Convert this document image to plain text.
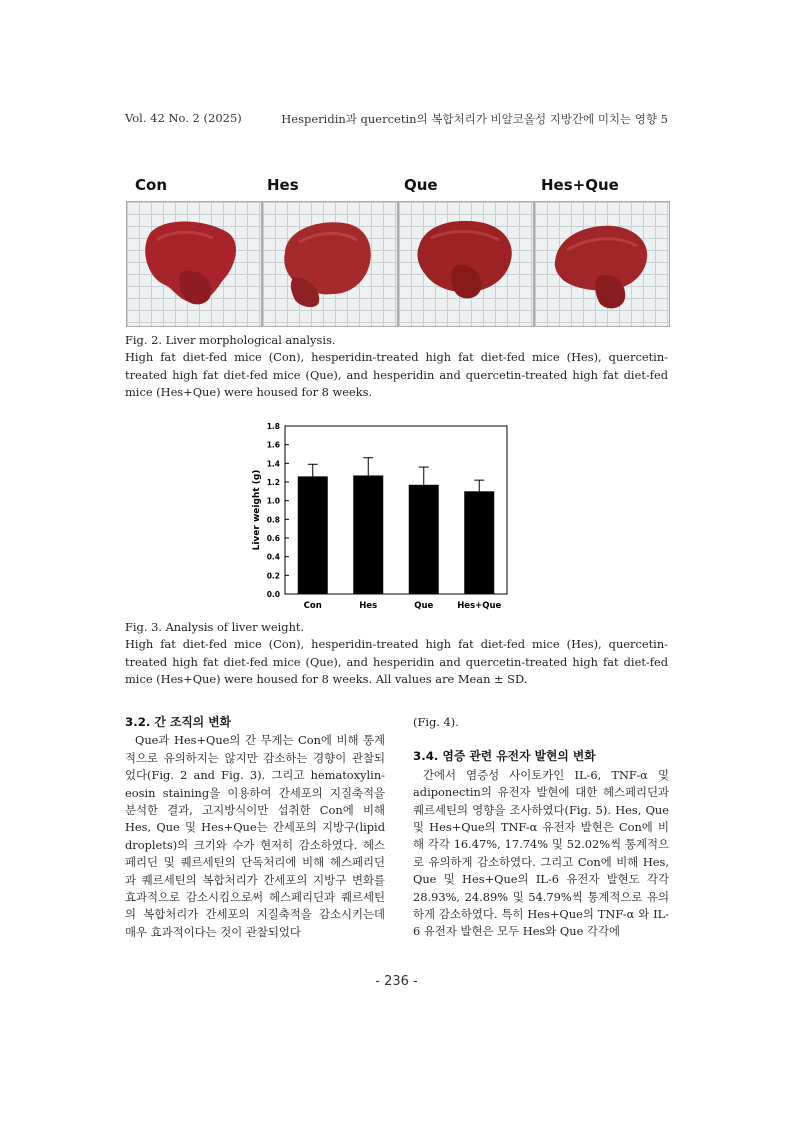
Vol. 42 No. 2 (2025)	Hesperidin과 quercetin의 복합처리가 비알코올성 지방간에 미치는 영향 5
Con	Hes	Que	Hes+Que

Fig. 2. Liver morphological analysis.

High fat diet-fed mice (Con), hesperidin-treated high fat diet-fed mice (Hes), quercetin-treated high fat diet-fed mice (Que), and hesperidin and quercetin-treated high fat diet-fed mice (Hes+Que) were housed for 8 weeks.

0.0
0.2
0.4
0.6
0.8
1.0
1.2
1.4
1.6
1.8
Liver weight (g)
Con	Hes	Que	Hes+Que

Fig. 3. Analysis of liver weight.

High fat diet-fed mice (Con), hesperidin-treated high fat diet-fed mice (Hes), quercetin-treated high fat diet-fed mice (Que), and hesperidin and quercetin-treated high fat diet-fed mice (Hes+Que) were housed for 8 weeks. All values are Mean ± SD.

3.2. 간 조직의 변화

Que과 Hes+Que의 간 무게는 Con에 비해 통계적으로 유의하지는 않지만 감소하는 경향이 관찰되었다(Fig. 2 and Fig. 3). 그리고 hematoxylin-eosin staining을 이용하여 간세포의 지질축적을 분석한 결과, 고지방식이만 섭취한 Con에 비해 Hes, Que 및 Hes+Que는 간세포의 지방구(lipid droplets)의 크기와 수가 현저히 감소하였다. 헤스페리딘 및 퀘르세틴의 단독처리에 비해 헤스페리딘과 퀘르세틴의 복합처리가 간세포의 지방구 변화를 효과적으로 감소시킴으로써 헤스페리딘과 퀘르세틴의 복합처리가 간세포의 지질축적을 감소시키는데 매우 효과적이다는 것이 관찰되었다

(Fig. 4).

3.4. 염증 관련 유전자 발현의 변화

간에서 염증성 사이토카인 IL-6, TNF-α 및 adiponectin의 유전자 발현에 대한 헤스페리딘과 퀘르세틴의 영향을 조사하였다(Fig. 5). Hes, Que 및 Hes+Que의 TNF-α 유전자 발현은 Con에 비해 각각 16.47%, 17.74% 및 52.02%씩 통계적으로 유의하게 감소하였다. 그리고 Con에 비해 Hes, Que 및 Hes+Que의 IL-6 유전자 발현도 각각 28.93%, 24.89% 및 54.79%씩 통계적으로 유의하게 감소하였다. 특히 Hes+Que의 TNF-α 와 IL-6 유전자 발현은 모두 Hes와 Que 각각에

- 236 -
